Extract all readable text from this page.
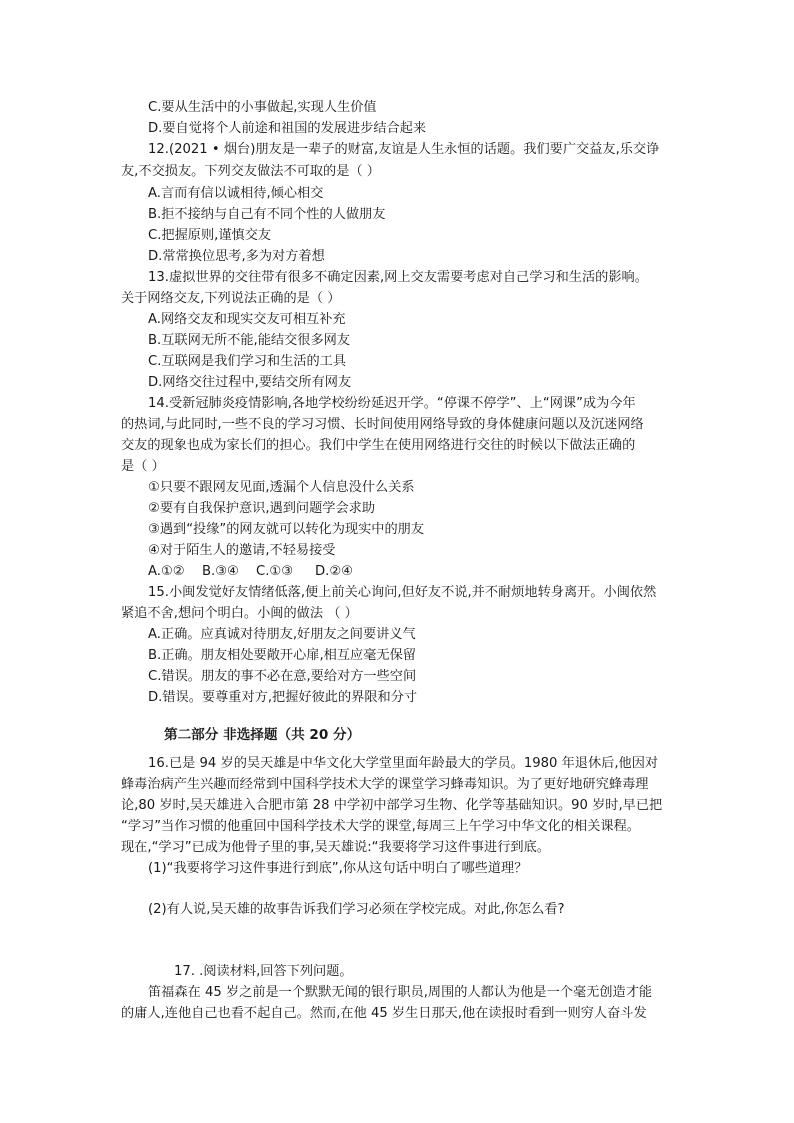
C.要从生活中的小事做起,实现人生价值
D.要自觉将个人前途和祖国的发展进步结合起来
12.(2021 • 烟台)朋友是一辈子的财富,友谊是人生永恒的话题。我们要广交益友,乐交诤
友,不交损友。下列交友做法不可取的是（ ）
A.言而有信以诚相待,倾心相交
B.拒不接纳与自己有不同个性的人做朋友
C.把握原则,谨慎交友
D.常常换位思考,多为对方着想
13.虚拟世界的交往带有很多不确定因素,网上交友需要考虑对自己学习和生活的影响。
关于网络交友,下列说法正确的是（ ）
A.网络交友和现实交友可相互补充
B.互联网无所不能,能结交很多网友
C.互联网是我们学习和生活的工具
D.网络交往过程中,要结交所有网友
14.受新冠肺炎疫情影响,各地学校纷纷延迟开学。“停课不停学”、上“网课”成为今年
的热词,与此同时,一些不良的学习习惯、长时间使用网络导致的身体健康问题以及沉迷网络
交友的现象也成为家长们的担心。我们中学生在使用网络进行交往的时候以下做法正确的
是（ ）
①只要不跟网友见面,透漏个人信息没什么关系
②要有自我保护意识,遇到问题学会求助
③遇到“投缘”的网友就可以转化为现实中的朋友
④对于陌生人的邀请,不轻易接受
A.①② B.③④ C.①③ D.②④
15.小闽发觉好友情绪低落,便上前关心询问,但好友不说,并不耐烦地转身离开。小闽依然
紧追不舍,想问个明白。小闽的做法 （ ）
A.正确。应真诚对待朋友,好朋友之间要讲义气
B.正确。朋友相处要敞开心扉,相互应毫无保留
C.错误。朋友的事不必在意,要给对方一些空间
D.错误。要尊重对方,把握好彼此的界限和分寸
第二部分 非选择题（共 20 分）
16.已是 94 岁的吴天雄是中华文化大学堂里面年龄最大的学员。1980 年退休后,他因对
蜂毒治病产生兴趣而经常到中国科学技术大学的课堂学习蜂毒知识。为了更好地研究蜂毒理
论,80 岁时,吴天雄进入合肥市第 28 中学初中部学习生物、化学等基础知识。90 岁时,早已把
“学习”当作习惯的他重回中国科学技术大学的课堂,每周三上午学习中华文化的相关课程。
现在,“学习”已成为他骨子里的事,吴天雄说:“我要将学习这件事进行到底。
(1)“我要将学习这件事进行到底”,你从这句话中明白了哪些道理？
(2)有人说,吴天雄的故事告诉我们学习必须在学校完成。对此,你怎么看?
17. .阅读材料,回答下列问题。
笛福森在 45 岁之前是一个默默无闻的银行职员,周围的人都认为他是一个毫无创造才能
的庸人,连他自己也看不起自己。然而,在他 45 岁生日那天,他在读报时看到一则穷人奋斗发
